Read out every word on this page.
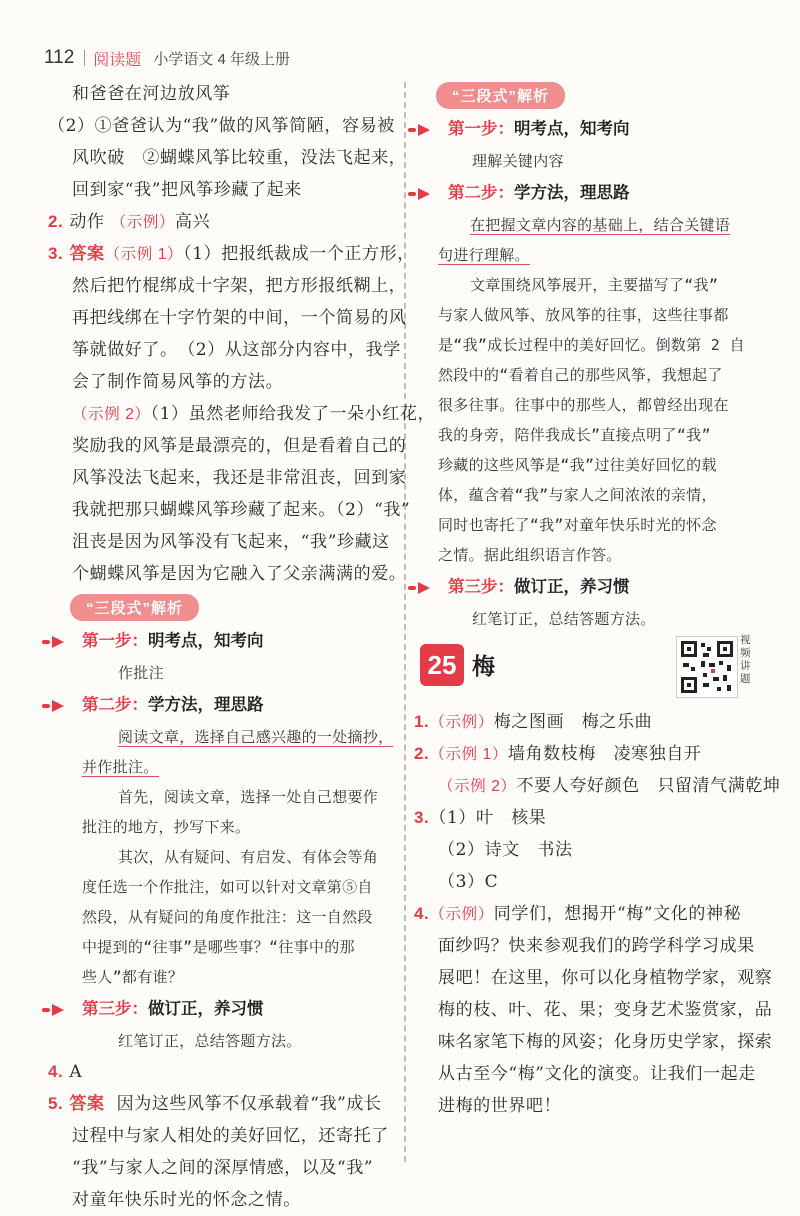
112 阅读题 小学语文 4 年级上册
和爸爸在河边放风筝
（2）①爸爸认为“我”做的风筝简陋，容易被
风吹破　②蝴蝶风筝比较重，没法飞起来，
回到家“我”把风筝珍藏了起来
2. 动作 （示例）高兴
3. 答案（示例 1）（1）把报纸裁成一个正方形，
然后把竹棍绑成十字架，把方形报纸糊上，
再把线绑在十字竹架的中间，一个简易的风
筝就做好了。　（2）从这部分内容中，我学
会了制作简易风筝的方法。
（示例 2）（1）虽然老师给我发了一朵小红花，
奖励我的风筝是最漂亮的，但是看着自己的
风筝没法飞起来，我还是非常沮丧，回到家
我就把那只蝴蝶风筝珍藏了起来。（2）“我”
沮丧是因为风筝没有飞起来，“我”珍藏这
个蝴蝶风筝是因为它融入了父亲满满的爱。
“三段式”解析
第一步：明考点，知考向
作批注
第二步：学方法，理思路
阅读文章，选择自己感兴趣的一处摘抄，
并作批注。
首先，阅读文章，选择一处自己想要作
批注的地方，抄写下来。
其次，从有疑问、有启发、有体会等角
度任选一个作批注，如可以针对文章第⑤自
然段，从有疑问的角度作批注：这一自然段
中提到的“往事”是哪些事？“往事中的那
些人”都有谁？
第三步：做订正，养习惯
红笔订正，总结答题方法。
4. A
5. 答案 因为这些风筝不仅承载着“我”成长
过程中与家人相处的美好回忆，还寄托了
“我”与家人之间的深厚情感，以及“我”
对童年快乐时光的怀念之情。
“三段式”解析
第一步：明考点，知考向
理解关键内容
第二步：学方法，理思路
在把握文章内容的基础上，结合关键语
句进行理解。
文章围绕风筝展开，主要描写了“我”
与家人做风筝、放风筝的往事，这些往事都
是“我”成长过程中的美好回忆。倒数第 2 自
然段中的“看着自己的那些风筝，我想起了
很多往事。往事中的那些人，都曾经出现在
我的身旁，陪伴我成长”直接点明了“我”
珍藏的这些风筝是“我”过往美好回忆的载
体，蕴含着“我”与家人之间浓浓的亲情，
同时也寄托了“我”对童年快乐时光的怀念
之情。据此组织语言作答。
第三步：做订正，养习惯
红笔订正，总结答题方法。
25 梅
视频讲题
1.（示例）梅之图画　梅之乐曲
2.（示例 1）墙角数枝梅　凌寒独自开
（示例 2）不要人夸好颜色　只留清气满乾坤
3.（1）叶　核果
（2）诗文　书法
（3）C
4.（示例）同学们，想揭开“梅”文化的神秘
面纱吗？快来参观我们的跨学科学习成果
展吧！在这里，你可以化身植物学家，观察
梅的枝、叶、花、果；变身艺术鉴赏家，品
味名家笔下梅的风姿；化身历史学家，探索
从古至今“梅”文化的演变。让我们一起走
进梅的世界吧！
